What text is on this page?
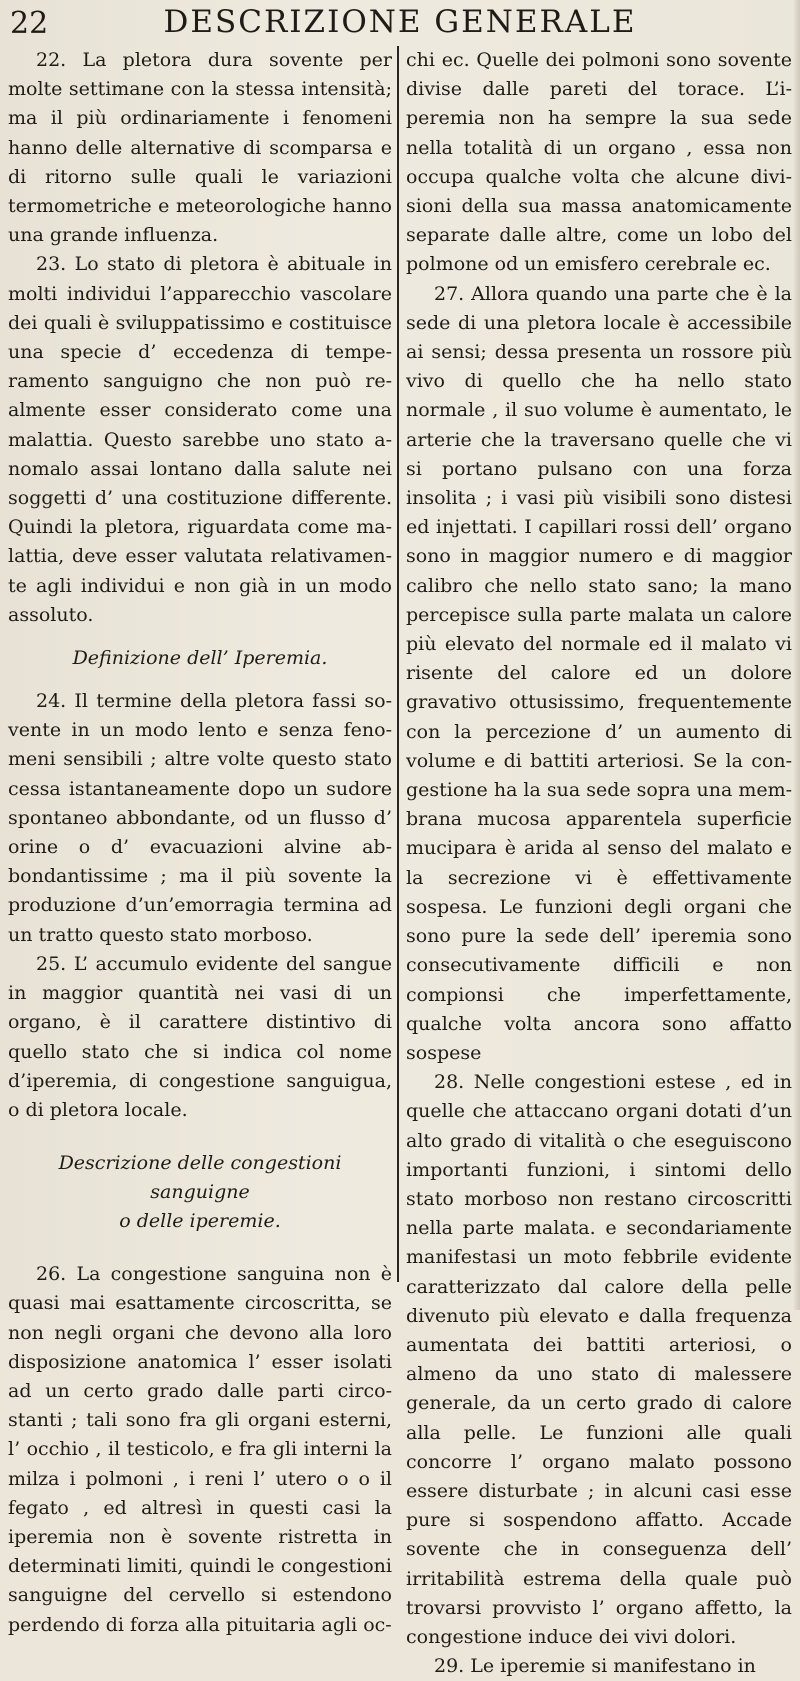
22	DESCRIZIONE GENERALE

22. La pletora dura sovente per molte settimane con la stessa intensità; ma il più ordinariamente i fenomeni hanno delle alternative di scomparsa e di ritorno sulle quali le variazioni termometriche e meteorologiche hanno una grande influenza.

23. Lo stato di pletora è abituale in molti individui l’apparecchio vascolare dei quali è sviluppatissimo e costituisce una specie d’ eccedenza di temperamento sanguigno che non può realmente esser considerato come una malattia. Questo sarebbe uno stato anomalo assai lontano dalla salute nei soggetti d’ una costituzione differente. Quindi la pletora, riguardata come malattia, deve esser valutata relativamente agli individui e non già in un modo assoluto.

Definizione dell’ Iperemia.

24. Il termine della pletora fassi sovente in un modo lento e senza fenomeni sensibili ; altre volte questo stato cessa istantaneamente dopo un sudore spontaneo abbondante, od un flusso d’ orine o d’ evacuazioni alvine abbondantissime ; ma il più sovente la produzione d’un’emorragia termina ad un tratto questo stato morboso.

25. L’ accumulo evidente del sangue in maggior quantità nei vasi di un organo, è il carattere distintivo di quello stato che si indica col nome d’iperemia, di congestione sanguigua, o di pletora locale.

Descrizione delle congestioni sanguigne

o delle iperemie.

26. La congestione sanguina non è quasi mai esattamente circoscritta, se non negli organi che devono alla loro disposizione anatomica l’ esser isolati ad un certo grado dalle parti circostanti ; tali sono fra gli organi esterni, l’ occhio , il testicolo, e fra gli interni la milza i polmoni , i reni l’ utero o o il fegato , ed altresì in questi casi la iperemia non è sovente ristretta in determinati limiti, quindi le congestioni sanguigne del cervello si estendono perdendo di forza alla pituitaria agli oc-

chi ec. Quelle dei polmoni sono sovente divise dalle pareti del torace. L’iperemia non ha sempre la sua sede nella totalità di un organo , essa non occupa qualche volta che alcune divisioni della sua massa anatomicamente separate dalle altre, come un lobo del polmone od un emisfero cerebrale ec.

27. Allora quando una parte che è la sede di una pletora locale è accessibile ai sensi; dessa presenta un rossore più vivo di quello che ha nello stato normale , il suo volume è aumentato, le arterie che la traversano quelle che vi si portano pulsano con una forza insolita ; i vasi più visibili sono distesi ed injettati. I capillari rossi dell’ organo sono in maggior numero e di maggior calibro che nello stato sano; la mano percepisce sulla parte malata un calore più elevato del normale ed il malato vi risente del calore ed un dolore gravativo ottusissimo, frequentemente con la percezione d’ un aumento di volume e di battiti arteriosi. Se la congestione ha la sua sede sopra una membrana mucosa apparentela superficie mucipara è arida al senso del malato e la secrezione vi è effettivamente sospesa. Le funzioni degli organi che sono pure la sede dell’ iperemia sono consecutivamente difficili e non compionsi che imperfettamente, qualche volta ancora sono affatto sospese

28. Nelle congestioni estese , ed in quelle che attaccano organi dotati d’un alto grado di vitalità o che eseguiscono importanti funzioni, i sintomi dello stato morboso non restano circoscritti nella parte malata. e secondariamente manifestasi un moto febbrile evidente caratterizzato dal calore della pelle divenuto più elevato e dalla frequenza aumentata dei battiti arteriosi, o almeno da uno stato di malessere generale, da un certo grado di calore alla pelle. Le funzioni alle quali concorre l’ organo malato possono essere disturbate ; in alcuni casi esse pure si sospendono affatto. Accade sovente che in conseguenza dell’ irritabilità estrema della quale può trovarsi provvisto l’ organo affetto, la congestione induce dei vivi dolori.

29. Le iperemie si manifestano in
